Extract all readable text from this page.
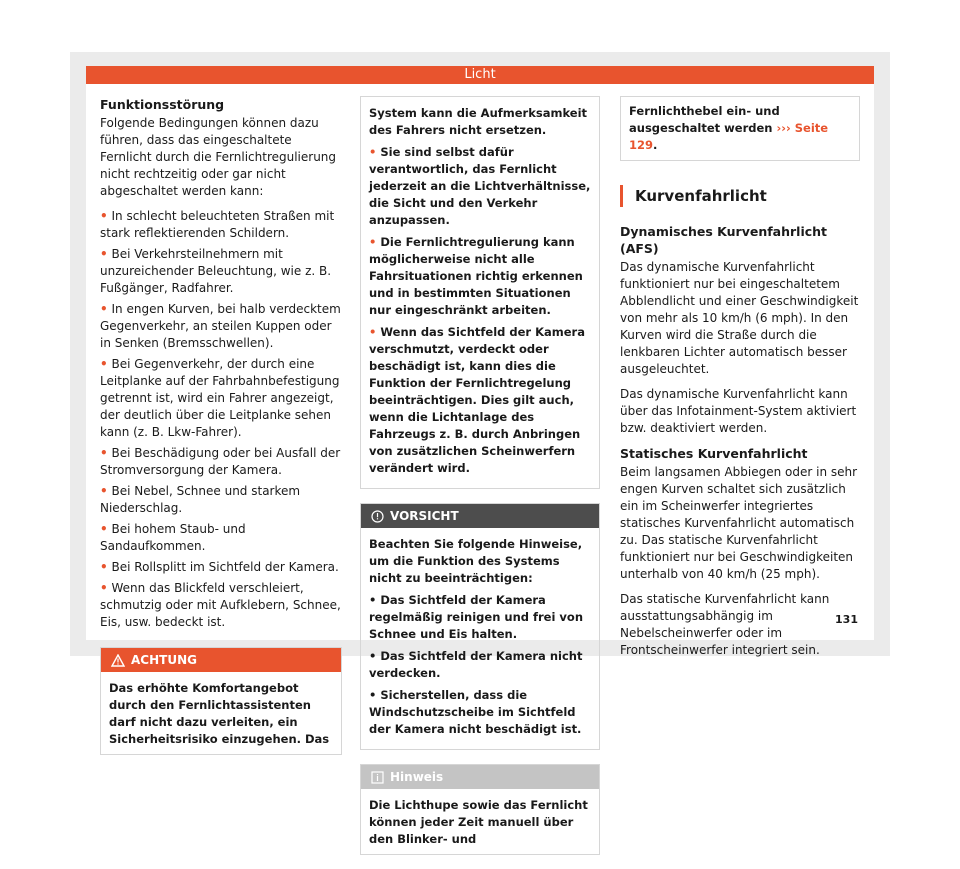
Licht
Funktionsstörung

Folgende Bedingungen können dazu führen, dass das eingeschaltete Fernlicht durch die Fernlichtregulierung nicht rechtzeitig oder gar nicht abgeschaltet werden kann:

• In schlecht beleuchteten Straßen mit stark reflektierenden Schildern.
• Bei Verkehrsteilnehmern mit unzureichender Beleuchtung, wie z. B. Fußgänger, Radfahrer.
• In engen Kurven, bei halb verdecktem Gegenverkehr, an steilen Kuppen oder in Senken (Bremsschwellen).
• Bei Gegenverkehr, der durch eine Leitplanke auf der Fahrbahnbefestigung getrennt ist, wird ein Fahrer angezeigt, der deutlich über die Leitplanke sehen kann (z. B. Lkw-Fahrer).
• Bei Beschädigung oder bei Ausfall der Stromversorgung der Kamera.
• Bei Nebel, Schnee und starkem Niederschlag.
• Bei hohem Staub- und Sandaufkommen.
• Bei Rollsplitt im Sichtfeld der Kamera.
• Wenn das Blickfeld verschleiert, schmutzig oder mit Aufklebern, Schnee, Eis, usw. bedeckt ist.
ACHTUNG
Das erhöhte Komfortangebot durch den Fernlichtassistenten darf nicht dazu verleiten, ein Sicherheitsrisiko einzugehen. Das

System kann die Aufmerksamkeit des Fahrers nicht ersetzen.

• Sie sind selbst dafür verantwortlich, das Fernlicht jederzeit an die Lichtverhältnisse, die Sicht und den Verkehr anzupassen.

• Die Fernlichtregulierung kann möglicherweise nicht alle Fahrsituationen richtig erkennen und in bestimmten Situationen nur eingeschränkt arbeiten.

• Wenn das Sichtfeld der Kamera verschmutzt, verdeckt oder beschädigt ist, kann dies die Funktion der Fernlichtregelung beeinträchtigen. Dies gilt auch, wenn die Lichtanlage des Fahrzeugs z. B. durch Anbringen von zusätzlichen Scheinwerfern verändert wird.

VORSICHT

Beachten Sie folgende Hinweise, um die Funktion des Systems nicht zu beeinträchtigen:

• Das Sichtfeld der Kamera regelmäßig reinigen und frei von Schnee und Eis halten.

• Das Sichtfeld der Kamera nicht verdecken.

• Sicherstellen, dass die Windschutzscheibe im Sichtfeld der Kamera nicht beschädigt ist.

Hinweis
Die Lichthupe sowie das Fernlicht können jeder Zeit manuell über den Blinker- und
Fernlichthebel ein- und ausgeschaltet werden ››› Seite 129.
Kurvenfahrlicht
Dynamisches Kurvenfahrlicht (AFS)

Das dynamische Kurvenfahrlicht funktioniert nur bei eingeschaltetem Abblendlicht und einer Geschwindigkeit von mehr als 10 km/h (6 mph). In den Kurven wird die Straße durch die lenkbaren Lichter automatisch besser ausgeleuchtet.

Das dynamische Kurvenfahrlicht kann über das Infotainment-System aktiviert bzw. deaktiviert werden.

Statisches Kurvenfahrlicht

Beim langsamen Abbiegen oder in sehr engen Kurven schaltet sich zusätzlich ein im Scheinwerfer integriertes statisches Kurvenfahrlicht automatisch zu. Das statische Kurvenfahrlicht funktioniert nur bei Geschwindigkeiten unterhalb von 40 km/h (25 mph).

Das statische Kurvenfahrlicht kann ausstattungsabhängig im Nebelscheinwerfer oder im Frontscheinwerfer integriert sein.

131
